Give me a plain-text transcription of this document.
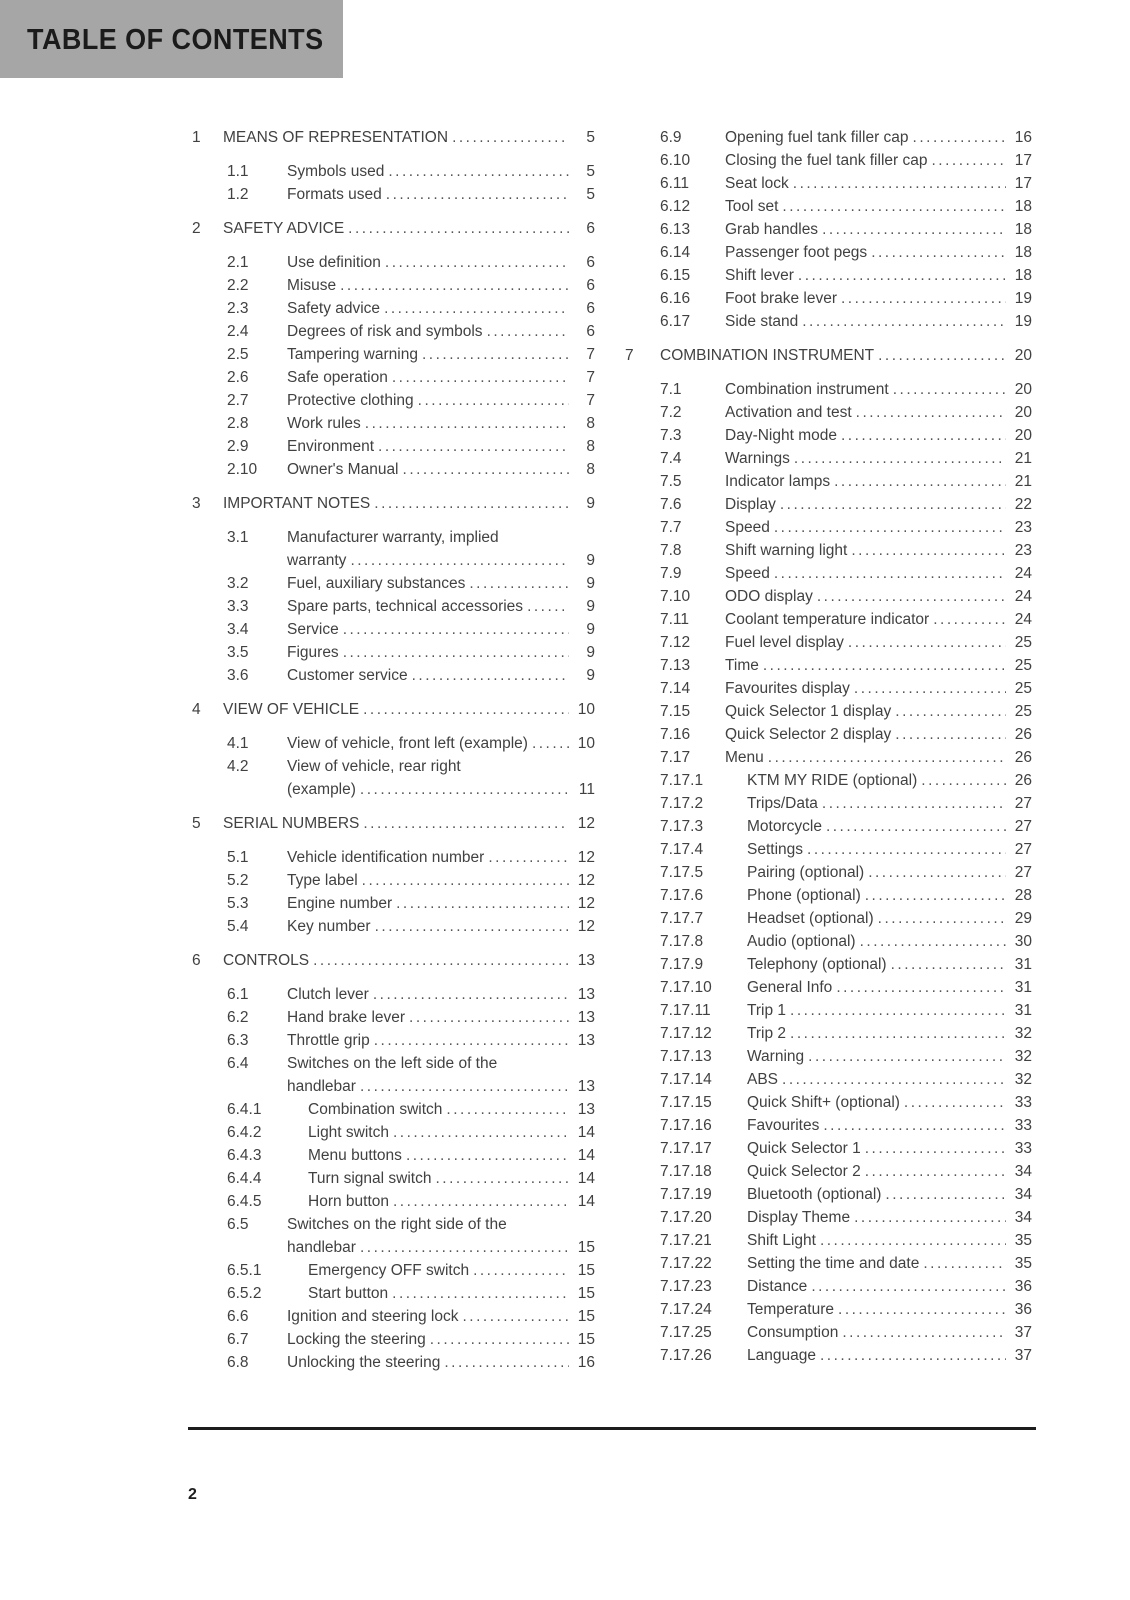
TABLE OF CONTENTS
1	MEANS OF REPRESENTATION .....	5
1.1	Symbols used .....	5
1.2	Formats used .....	5
2	SAFETY ADVICE .....	6
2.1	Use definition .....	6
2.2	Misuse .....	6
2.3	Safety advice .....	6
2.4	Degrees of risk and symbols .....	6
2.5	Tampering warning .....	7
2.6	Safe operation .....	7
2.7	Protective clothing .....	7
2.8	Work rules .....	8
2.9	Environment .....	8
2.10	Owner's Manual .....	8
3	IMPORTANT NOTES .....	9
3.1	Manufacturer warranty, implied
warranty .....	9
3.2	Fuel, auxiliary substances .....	9
3.3	Spare parts, technical accessories .....	9
3.4	Service .....	9
3.5	Figures .....	9
3.6	Customer service .....	9
4	VIEW OF VEHICLE .....	10
4.1	View of vehicle, front left (example) .....	10
4.2	View of vehicle, rear right
(example) .....	11
5	SERIAL NUMBERS .....	12
5.1	Vehicle identification number .....	12
5.2	Type label .....	12
5.3	Engine number .....	12
5.4	Key number .....	12
6	CONTROLS .....	13
6.1	Clutch lever .....	13
6.2	Hand brake lever .....	13
6.3	Throttle grip .....	13
6.4	Switches on the left side of the
handlebar .....	13
6.4.1	Combination switch .....	13
6.4.2	Light switch .....	14
6.4.3	Menu buttons .....	14
6.4.4	Turn signal switch .....	14
6.4.5	Horn button .....	14
6.5	Switches on the right side of the
handlebar .....	15
6.5.1	Emergency OFF switch .....	15
6.5.2	Start button .....	15
6.6	Ignition and steering lock .....	15
6.7	Locking the steering .....	15
6.8	Unlocking the steering .....	16
6.9	Opening fuel tank filler cap .....	16
6.10	Closing the fuel tank filler cap .....	17
6.11	Seat lock .....	17
6.12	Tool set .....	18
6.13	Grab handles .....	18
6.14	Passenger foot pegs .....	18
6.15	Shift lever .....	18
6.16	Foot brake lever .....	19
6.17	Side stand .....	19
7	COMBINATION INSTRUMENT .....	20
7.1	Combination instrument .....	20
7.2	Activation and test .....	20
7.3	Day-Night mode .....	20
7.4	Warnings .....	21
7.5	Indicator lamps .....	21
7.6	Display .....	22
7.7	Speed .....	23
7.8	Shift warning light .....	23
7.9	Speed .....	24
7.10	ODO display .....	24
7.11	Coolant temperature indicator .....	24
7.12	Fuel level display .....	25
7.13	Time .....	25
7.14	Favourites display .....	25
7.15	Quick Selector 1 display .....	25
7.16	Quick Selector 2 display .....	26
7.17	Menu .....	26
7.17.1	KTM MY RIDE (optional) .....	26
7.17.2	Trips/Data .....	27
7.17.3	Motorcycle .....	27
7.17.4	Settings .....	27
7.17.5	Pairing (optional) .....	27
7.17.6	Phone (optional) .....	28
7.17.7	Headset (optional) .....	29
7.17.8	Audio (optional) .....	30
7.17.9	Telephony (optional) .....	31
7.17.10	General Info .....	31
7.17.11	Trip 1 .....	31
7.17.12	Trip 2 .....	32
7.17.13	Warning .....	32
7.17.14	ABS .....	32
7.17.15	Quick Shift+ (optional) .....	33
7.17.16	Favourites .....	33
7.17.17	Quick Selector 1 .....	33
7.17.18	Quick Selector 2 .....	34
7.17.19	Bluetooth (optional) .....	34
7.17.20	Display Theme .....	34
7.17.21	Shift Light .....	35
7.17.22	Setting the time and date .....	35
7.17.23	Distance .....	36
7.17.24	Temperature .....	36
7.17.25	Consumption .....	37
7.17.26	Language .....	37
2
